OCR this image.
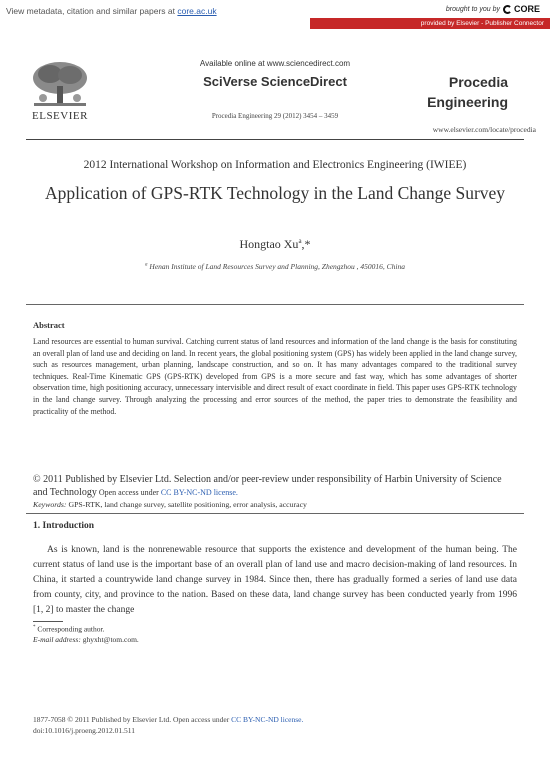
View metadata, citation and similar papers at core.ac.uk	brought to you by CORE
provided by Elsevier - Publisher Connector
ELSEVIER
Available online at www.sciencedirect.com
SciVerse ScienceDirect
Procedia Engineering 29 (2012) 3454 – 3459
Procedia
Engineering
www.elsevier.com/locate/procedia
2012 International Workshop on Information and Electronics Engineering (IWIEE)
Application of GPS-RTK Technology in the Land Change Survey
Hongtao Xu$^a$,*
$^a$ Henan Institute of Land Resources Survey and Planning, Zhengzhou , 450016, China
Abstract
Land resources are essential to human survival. Catching current status of land resources and information of the land change is the basis for constituting an overall plan of land use and deciding on land. In recent years, the global positioning system (GPS) has widely been applied in the land change survey, such as resources management, urban planning, landscape construction, and so on. It has many advantages compared to the traditional survey techniques. Real-Time Kinematic GPS (GPS-RTK) developed from GPS is a more secure and fast way, which has some advantages of shorter observation time, high positioning accuracy, unnecessary intervisible and direct result of exact coordinate in field. This paper uses GPS-RTK technology in the land change survey. Through analyzing the processing and error sources of the method, the paper tries to demonstrate the feasibility and practicality of the method.
© 2011 Published by Elsevier Ltd. Selection and/or peer-review under responsibility of Harbin University of Science and Technology Open access under CC BY-NC-ND license.
Keywords: GPS-RTK, land change survey, satellite positioning, error analysis, accuracy
1. Introduction
As is known, land is the nonrenewable resource that supports the existence and development of the human being. The current status of land use is the important base of an overall plan of land use and macro decision-making of land resources. In China, it started a countrywide land change survey in 1984. Since then, there has gradually formed a series of land use data from county, city, and province to the nation. Based on these data, land change survey has been conducted yearly from 1996 [1, 2] to master the change
* Corresponding author.
E-mail address: ghyxht@tom.com.
1877-7058 © 2011 Published by Elsevier Ltd. Open access under CC BY-NC-ND license.
doi:10.1016/j.proeng.2012.01.511
